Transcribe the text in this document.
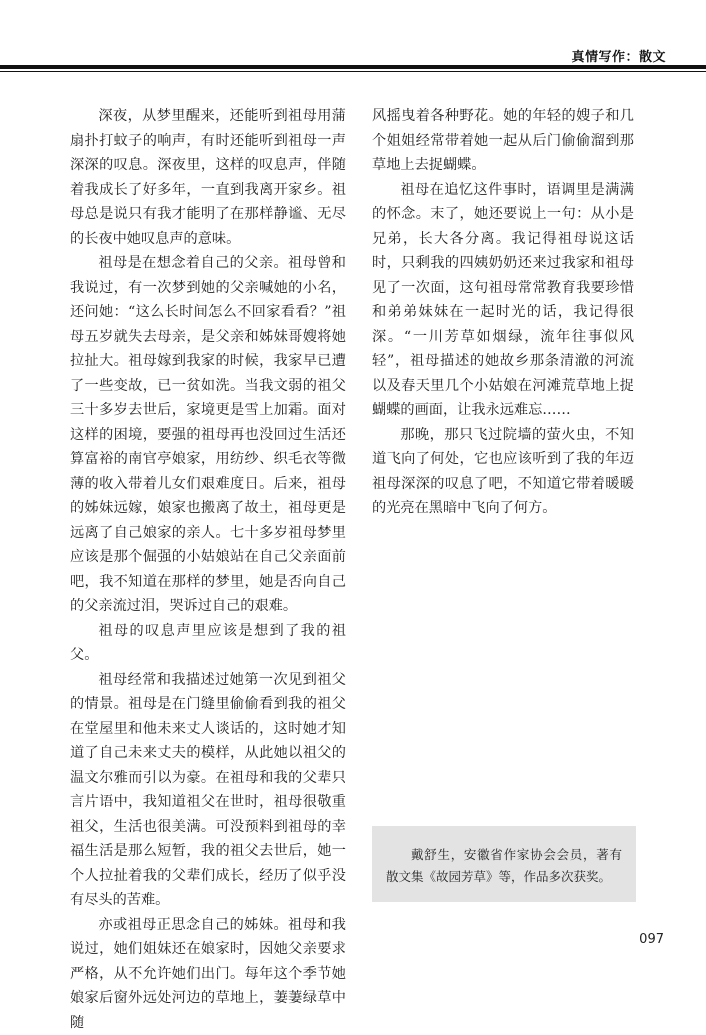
真情写作：散文

深夜，从梦里醒来，还能听到祖母用蒲扇扑打蚊子的响声，有时还能听到祖母一声深深的叹息。深夜里，这样的叹息声，伴随着我成长了好多年，一直到我离开家乡。祖母总是说只有我才能明了在那样静谧、无尽的长夜中她叹息声的意味。

祖母是在想念着自己的父亲。祖母曾和我说过，有一次梦到她的父亲喊她的小名，还问她：“这么长时间怎么不回家看看？”祖母五岁就失去母亲，是父亲和姊妹哥嫂将她拉扯大。祖母嫁到我家的时候，我家早已遭了一些变故，已一贫如洗。当我文弱的祖父三十多岁去世后，家境更是雪上加霜。面对这样的困境，要强的祖母再也没回过生活还算富裕的南官亭娘家，用纺纱、织毛衣等微薄的收入带着儿女们艰难度日。后来，祖母的姊妹远嫁，娘家也搬离了故土，祖母更是远离了自己娘家的亲人。七十多岁祖母梦里应该是那个倔强的小姑娘站在自己父亲面前吧，我不知道在那样的梦里，她是否向自己的父亲流过泪，哭诉过自己的艰难。

祖母的叹息声里应该是想到了我的祖父。

祖母经常和我描述过她第一次见到祖父的情景。祖母是在门缝里偷偷看到我的祖父在堂屋里和他未来丈人谈话的，这时她才知道了自己未来丈夫的模样，从此她以祖父的温文尔雅而引以为豪。在祖母和我的父辈只言片语中，我知道祖父在世时，祖母很敬重祖父，生活也很美满。可没预料到祖母的幸福生活是那么短暂，我的祖父去世后，她一个人拉扯着我的父辈们成长，经历了似乎没有尽头的苦难。

亦或祖母正思念自己的姊妹。祖母和我说过，她们姐妹还在娘家时，因她父亲要求严格，从不允许她们出门。每年这个季节她娘家后窗外远处河边的草地上，萋萋绿草中随

风摇曳着各种野花。她的年轻的嫂子和几个姐姐经常带着她一起从后门偷偷溜到那草地上去捉蝴蝶。

祖母在追忆这件事时，语调里是满满的怀念。末了，她还要说上一句：从小是兄弟，长大各分离。我记得祖母说这话时，只剩我的四姨奶奶还来过我家和祖母见了一次面，这句祖母常常教育我要珍惜和弟弟妹妹在一起时光的话，我记得很深。“一川芳草如烟绿，流年往事似风轻”，祖母描述的她故乡那条清澈的河流以及春天里几个小姑娘在河滩荒草地上捉蝴蝶的画面，让我永远难忘……

那晚，那只飞过院墙的萤火虫，不知道飞向了何处，它也应该听到了我的年迈祖母深深的叹息了吧，不知道它带着暖暖的光亮在黑暗中飞向了何方。

戴舒生，安徽省作家协会会员，著有散文集《故园芳草》等，作品多次获奖。

097
